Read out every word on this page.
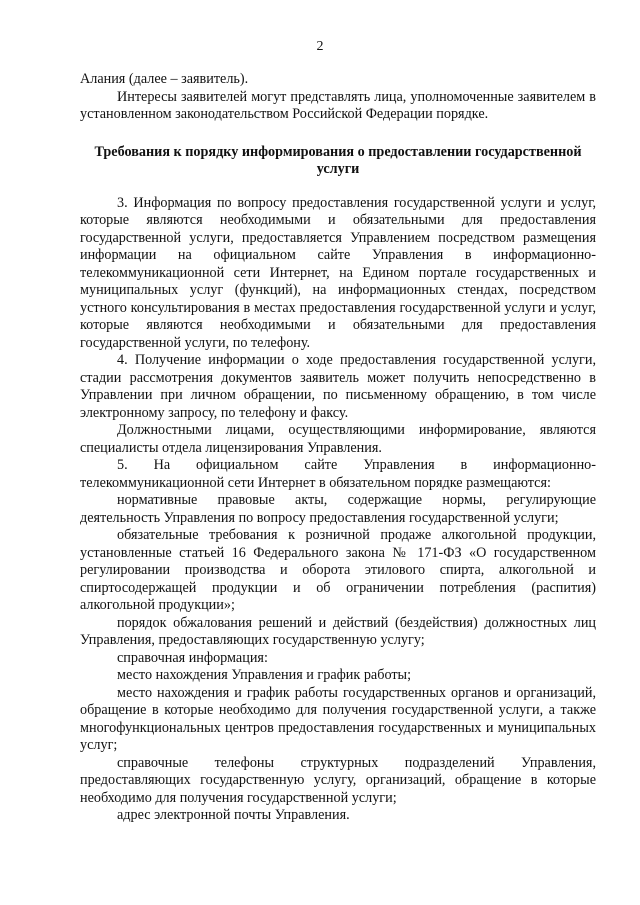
2

Алания (далее – заявитель).

Интересы заявителей могут представлять лица, уполномоченные заявителем в установленном законодательством Российской Федерации порядке.

Требования к порядку информирования о предоставлении государственной услуги

3. Информация по вопросу предоставления государственной услуги и услуг, которые являются необходимыми и обязательными для предоставления государственной услуги, предоставляется Управлением посредством размещения информации на официальном сайте Управления в информационно-телекоммуникационной сети Интернет, на Едином портале государственных и муниципальных услуг (функций), на информационных стендах, посредством устного консультирования в местах предоставления государственной услуги и услуг, которые являются необходимыми и обязательными для предоставления государственной услуги, по телефону.

4. Получение информации о ходе предоставления государственной услуги, стадии рассмотрения документов заявитель может получить непосредственно в Управлении при личном обращении, по письменному обращению, в том числе электронному запросу, по телефону и факсу.

Должностными лицами, осуществляющими информирование, являются специалисты отдела лицензирования Управления.

5. На официальном сайте Управления в информационно-телекоммуникационной сети Интернет в обязательном порядке размещаются:

нормативные правовые акты, содержащие нормы, регулирующие деятельность Управления по вопросу предоставления государственной услуги;

обязательные требования к розничной продаже алкогольной продукции, установленные статьей 16 Федерального закона № 171-ФЗ «О государственном регулировании производства и оборота этилового спирта, алкогольной и спиртосодержащей продукции и об ограничении потребления (распития) алкогольной продукции»;

порядок обжалования решений и действий (бездействия) должностных лиц Управления, предоставляющих государственную услугу;

справочная информация:

место нахождения Управления и график работы;

место нахождения и график работы государственных органов и организаций, обращение в которые необходимо для получения государственной услуги, а также многофункциональных центров предоставления государственных и муниципальных услуг;

справочные телефоны структурных подразделений Управления, предоставляющих государственную услугу, организаций, обращение в которые необходимо для получения государственной услуги;

адрес электронной почты Управления.
